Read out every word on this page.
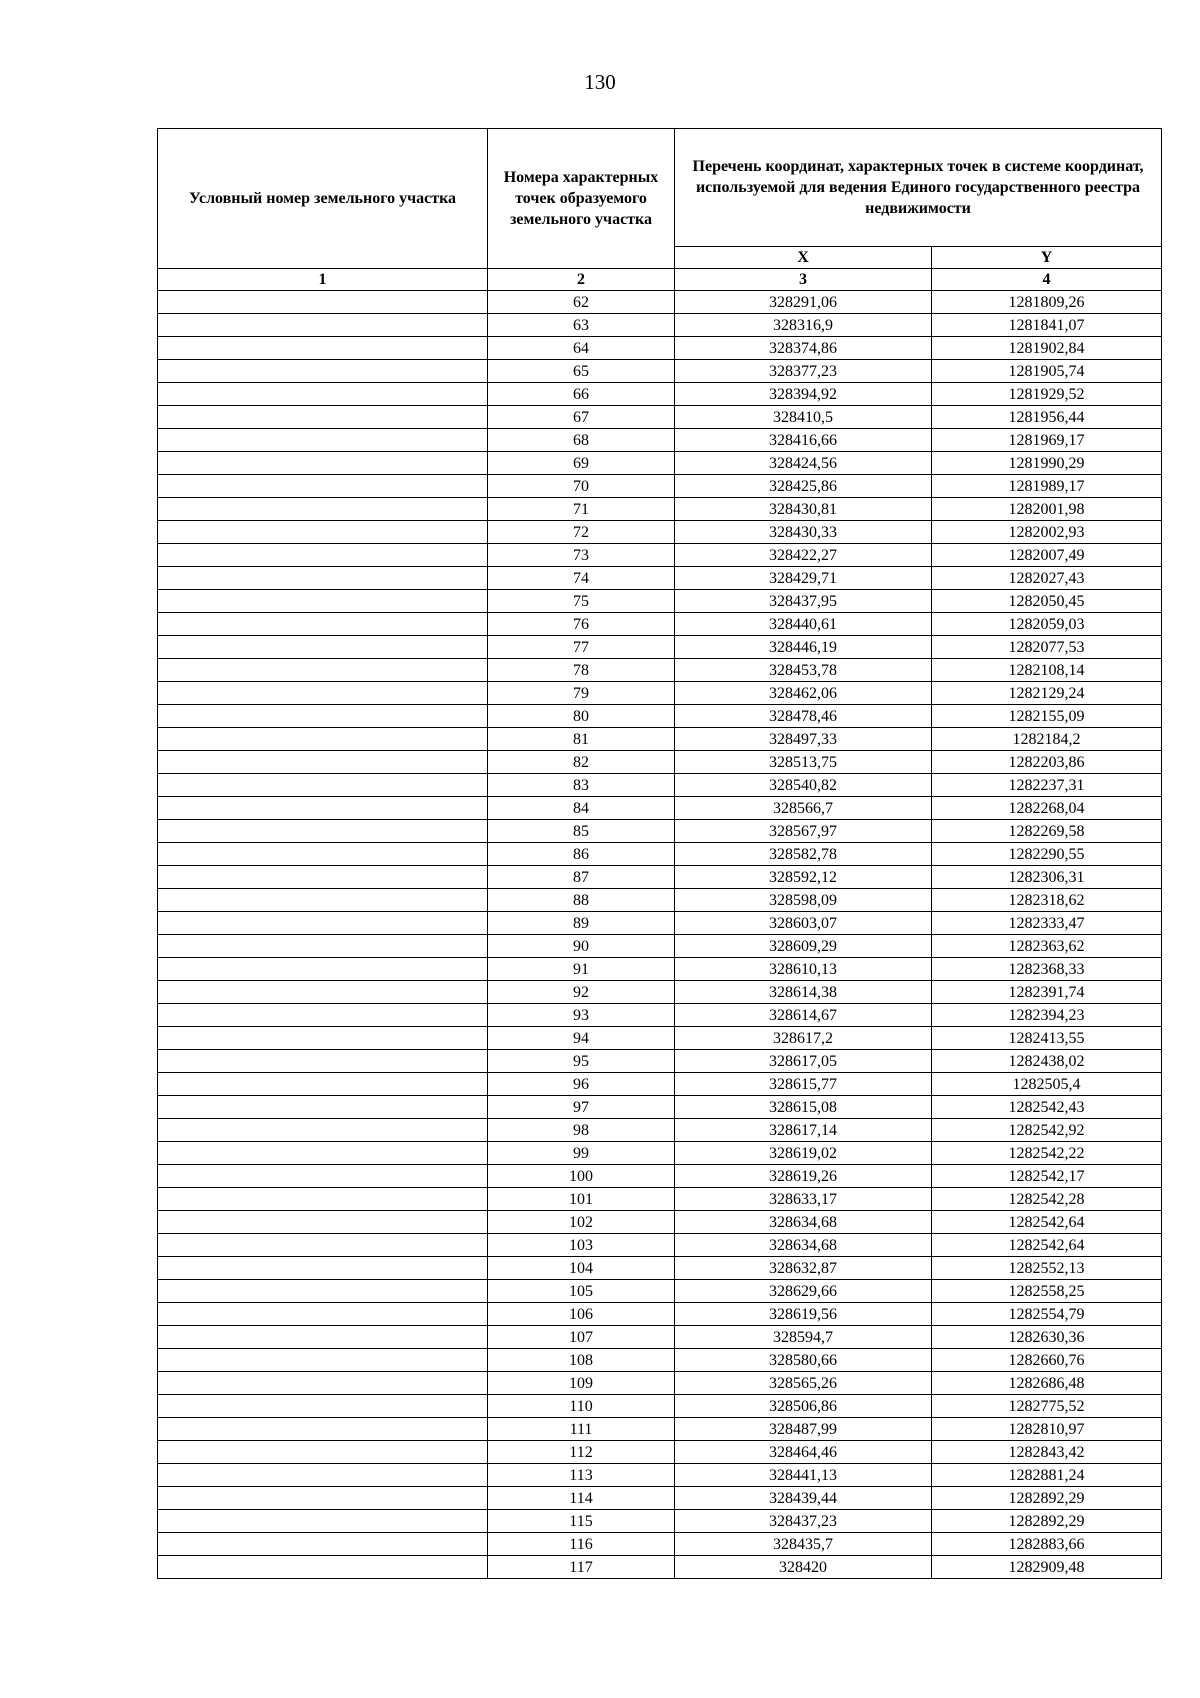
130
Условный номер земельного участка	Номера характерных точек образуемого земельного участка	Перечень координат, характерных точек в системе координат, используемой для ведения Единого государственного реестра недвижимости	
		X	Y
1	2	3	4
	62	328291,06	1281809,26
	63	328316,9	1281841,07
	64	328374,86	1281902,84
	65	328377,23	1281905,74
	66	328394,92	1281929,52
	67	328410,5	1281956,44
	68	328416,66	1281969,17
	69	328424,56	1281990,29
	70	328425,86	1281989,17
	71	328430,81	1282001,98
	72	328430,33	1282002,93
	73	328422,27	1282007,49
	74	328429,71	1282027,43
	75	328437,95	1282050,45
	76	328440,61	1282059,03
	77	328446,19	1282077,53
	78	328453,78	1282108,14
	79	328462,06	1282129,24
	80	328478,46	1282155,09
	81	328497,33	1282184,2
	82	328513,75	1282203,86
	83	328540,82	1282237,31
	84	328566,7	1282268,04
	85	328567,97	1282269,58
	86	328582,78	1282290,55
	87	328592,12	1282306,31
	88	328598,09	1282318,62
	89	328603,07	1282333,47
	90	328609,29	1282363,62
	91	328610,13	1282368,33
	92	328614,38	1282391,74
	93	328614,67	1282394,23
	94	328617,2	1282413,55
	95	328617,05	1282438,02
	96	328615,77	1282505,4
	97	328615,08	1282542,43
	98	328617,14	1282542,92
	99	328619,02	1282542,22
	100	328619,26	1282542,17
	101	328633,17	1282542,28
	102	328634,68	1282542,64
	103	328634,68	1282542,64
	104	328632,87	1282552,13
	105	328629,66	1282558,25
	106	328619,56	1282554,79
	107	328594,7	1282630,36
	108	328580,66	1282660,76
	109	328565,26	1282686,48
	110	328506,86	1282775,52
	111	328487,99	1282810,97
	112	328464,46	1282843,42
	113	328441,13	1282881,24
	114	328439,44	1282892,29
	115	328437,23	1282892,29
	116	328435,7	1282883,66
	117	328420	1282909,48
